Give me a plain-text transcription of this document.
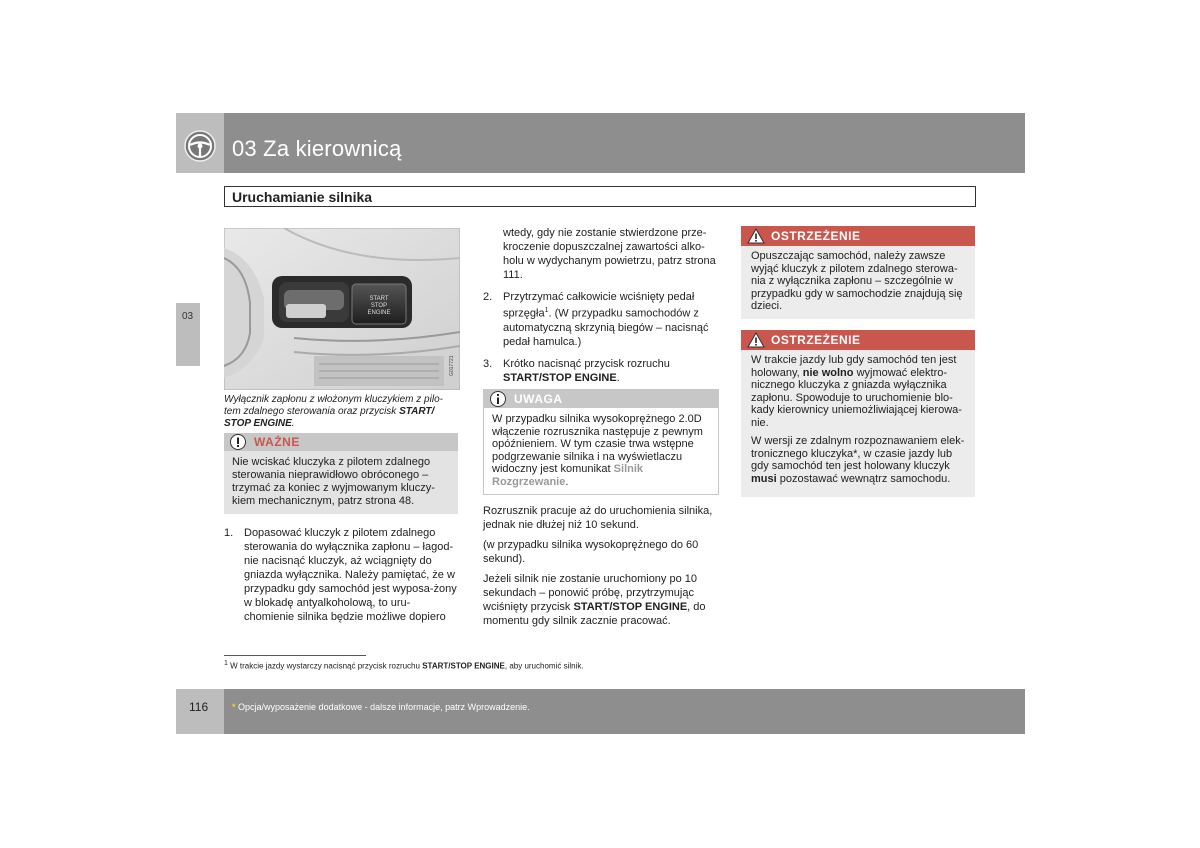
03 Za kierownicą
Uruchamianie silnika
03
START
STOP
ENGINE
G017721
Wyłącznik zapłonu z włożonym kluczykiem z pilo-tem zdalnego sterowania oraz przycisk START/ STOP ENGINE.
WAŻNE
Nie wciskać kluczyka z pilotem zdalnego sterowania nieprawidłowo obróconego – trzymać za koniec z wyjmowanym kluczy-kiem mechanicznym, patrz strona 48.
1. Dopasować kluczyk z pilotem zdalnego sterowania do wyłącznika zapłonu – łagod-nie nacisnąć kluczyk, aż wciągnięty do gniazda wyłącznika. Należy pamiętać, że w przypadku gdy samochód jest wyposa-żony w blokadę antyalkoholową, to uru-chomienie silnika będzie możliwe dopiero
wtedy, gdy nie zostanie stwierdzone prze-kroczenie dopuszczalnej zawartości alko-holu w wydychanym powietrzu, patrz strona 111.
2. Przytrzymać całkowicie wciśnięty pedał sprzęgła$^1$. (W przypadku samochodów z automatyczną skrzynią biegów – nacisnąć pedał hamulca.)
3. Krótko nacisnąć przycisk rozruchu START/STOP ENGINE.
UWAGA
W przypadku silnika wysokoprężnego 2.0D włączenie rozrusznika następuje z pewnym opóźnieniem. W tym czasie trwa wstępne podgrzewanie silnika i na wyświetlaczu widoczny jest komunikat Silnik Rozgrzewanie.

Rozrusznik pracuje aż do uruchomienia silnika, jednak nie dłużej niż 10 sekund.

(w przypadku silnika wysokoprężnego do 60 sekund).

Jeżeli silnik nie zostanie uruchomiony po 10 sekundach – ponowić próbę, przytrzymując wciśnięty przycisk START/STOP ENGINE, do momentu gdy silnik zacznie pracować.

OSTRZEŻENIE
Opuszczając samochód, należy zawsze wyjąć kluczyk z pilotem zdalnego sterowa-nia z wyłącznika zapłonu – szczególnie w przypadku gdy w samochodzie znajdują się dzieci.
OSTRZEŻENIE

W trakcie jazdy lub gdy samochód ten jest holowany, nie wolno wyjmować elektro-nicznego kluczyka z gniazda wyłącznika zapłonu. Spowoduje to uruchomienie blo-kady kierownicy uniemożliwiającej kierowa-nie.

W wersji ze zdalnym rozpoznawaniem elek-tronicznego kluczyka*, w czasie jazdy lub gdy samochód ten jest holowany kluczyk musi pozostawać wewnątrz samochodu.

$^1$ W trakcie jazdy wystarczy nacisnąć przycisk rozruchu START/STOP ENGINE, aby uruchomić silnik.
116	* Opcja/wyposażenie dodatkowe - dalsze informacje, patrz Wprowadzenie.
